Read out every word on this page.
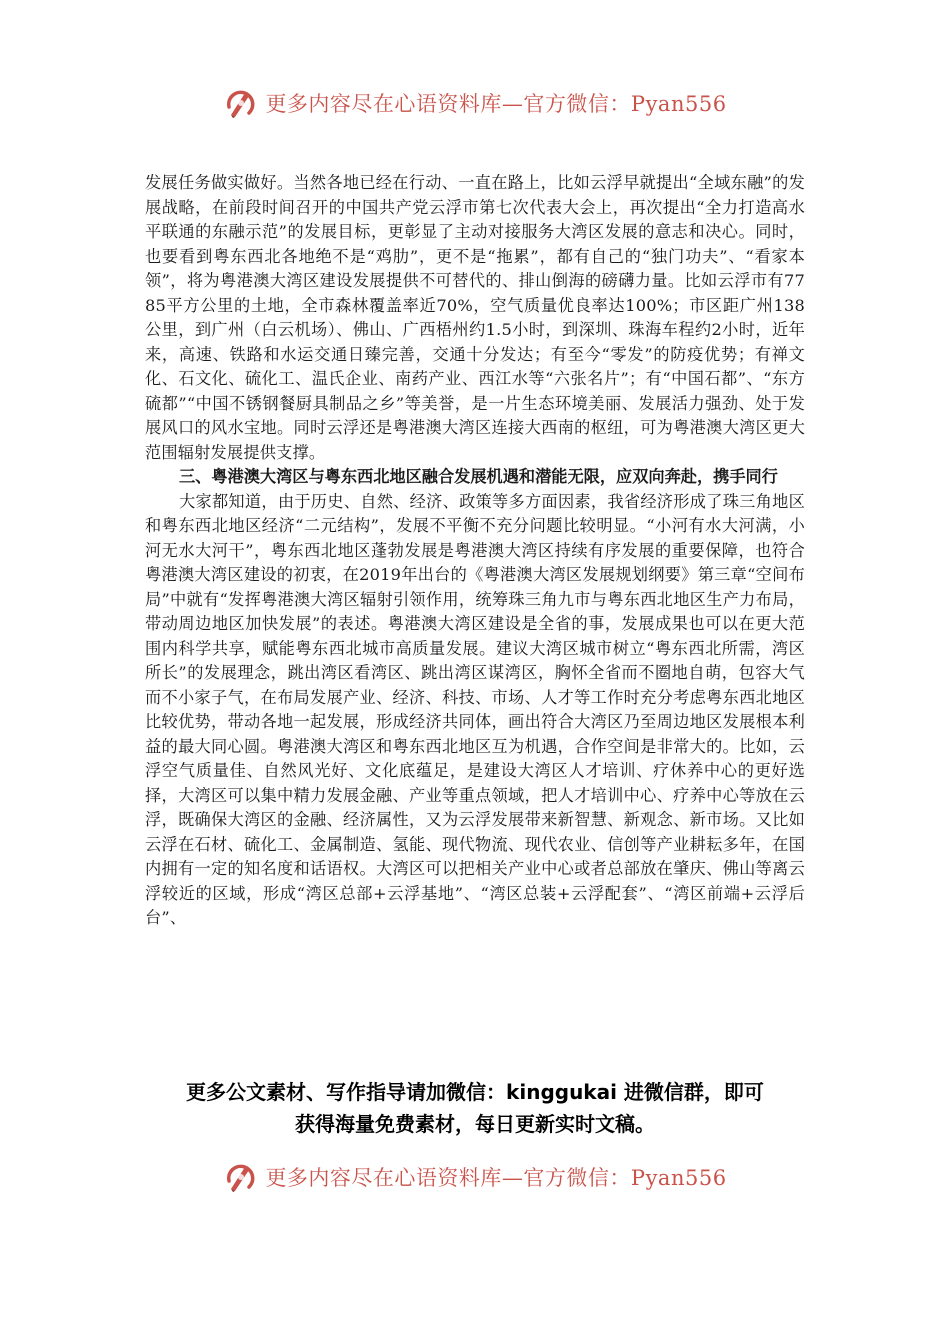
更多内容尽在心语资料库—官方微信：Pyan556

发展任务做实做好。当然各地已经在行动、一直在路上，比如云浮早就提出“全域东融”的发展战略，在前段时间召开的中国共产党云浮市第七次代表大会上，再次提出“全力打造高水平联通的东融示范”的发展目标，更彰显了主动对接服务大湾区发展的意志和决心。同时，也要看到粤东西北各地绝不是“鸡肋”，更不是“拖累”，都有自己的“独门功夫”、“看家本领”，将为粤港澳大湾区建设发展提供不可替代的、排山倒海的磅礴力量。比如云浮市有7785平方公里的土地，全市森林覆盖率近70%，空气质量优良率达100%；市区距广州138公里，到广州（白云机场）、佛山、广西梧州约1.5小时，到深圳、珠海车程约2小时，近年来，高速、铁路和水运交通日臻完善，交通十分发达；有至今“零发”的防疫优势；有禅文化、石文化、硫化工、温氏企业、南药产业、西江水等“六张名片”；有“中国石都”、“东方硫都”“中国不锈钢餐厨具制品之乡”等美誉，是一片生态环境美丽、发展活力强劲、处于发展风口的风水宝地。同时云浮还是粤港澳大湾区连接大西南的枢纽，可为粤港澳大湾区更大范围辐射发展提供支撑。

三、粤港澳大湾区与粤东西北地区融合发展机遇和潜能无限，应双向奔赴，携手同行

大家都知道，由于历史、自然、经济、政策等多方面因素，我省经济形成了珠三角地区和粤东西北地区经济“二元结构”，发展不平衡不充分问题比较明显。“小河有水大河满，小河无水大河干”，粤东西北地区蓬勃发展是粤港澳大湾区持续有序发展的重要保障，也符合粤港澳大湾区建设的初衷，在2019年出台的《粤港澳大湾区发展规划纲要》第三章“空间布局”中就有“发挥粤港澳大湾区辐射引领作用，统筹珠三角九市与粤东西北地区生产力布局，带动周边地区加快发展”的表述。粤港澳大湾区建设是全省的事，发展成果也可以在更大范围内科学共享，赋能粤东西北城市高质量发展。建议大湾区城市树立“粤东西北所需，湾区所长”的发展理念，跳出湾区看湾区、跳出湾区谋湾区，胸怀全省而不圈地自萌，包容大气而不小家子气，在布局发展产业、经济、科技、市场、人才等工作时充分考虑粤东西北地区比较优势，带动各地一起发展，形成经济共同体，画出符合大湾区乃至周边地区发展根本利益的最大同心圆。粤港澳大湾区和粤东西北地区互为机遇，合作空间是非常大的。比如，云浮空气质量佳、自然风光好、文化底蕴足，是建设大湾区人才培训、疗休养中心的更好选择，大湾区可以集中精力发展金融、产业等重点领域，把人才培训中心、疗养中心等放在云浮，既确保大湾区的金融、经济属性，又为云浮发展带来新智慧、新观念、新市场。又比如云浮在石材、硫化工、金属制造、氢能、现代物流、现代农业、信创等产业耕耘多年，在国内拥有一定的知名度和话语权。大湾区可以把相关产业中心或者总部放在肇庆、佛山等离云浮较近的区域，形成“湾区总部+云浮基地”、“湾区总装+云浮配套”、“湾区前端+云浮后台”、

更多公文素材、写作指导请加微信：kinggukai 进微信群，即可
获得海量免费素材，每日更新实时文稿。
更多内容尽在心语资料库—官方微信：Pyan556
